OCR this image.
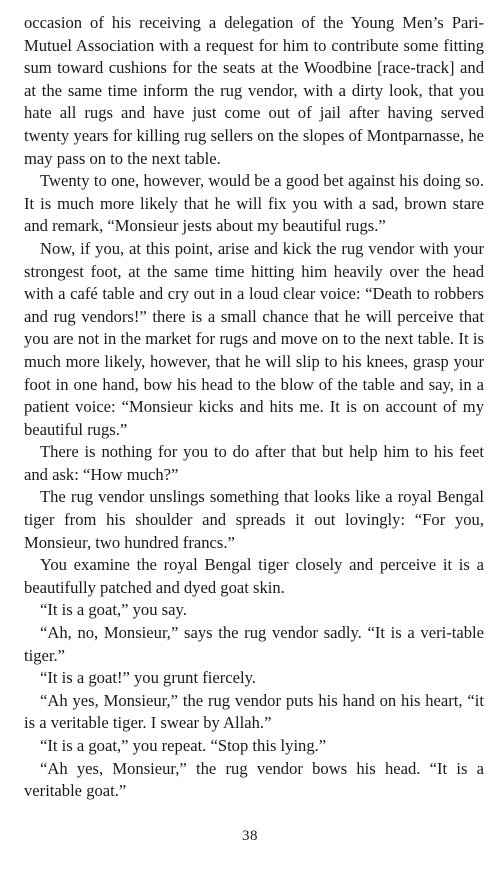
occasion of his receiving a delegation of the Young Men’s Pari-Mutuel Association with a request for him to contribute some fitting sum toward cushions for the seats at the Woodbine [race-track] and at the same time inform the rug vendor, with a dirty look, that you hate all rugs and have just come out of jail after having served twenty years for killing rug sellers on the slopes of Montparnasse, he may pass on to the next table.

Twenty to one, however, would be a good bet against his doing so. It is much more likely that he will fix you with a sad, brown stare and remark, “Monsieur jests about my beautiful rugs.”

Now, if you, at this point, arise and kick the rug vendor with your strongest foot, at the same time hitting him heavily over the head with a café table and cry out in a loud clear voice: “Death to robbers and rug vendors!” there is a small chance that he will perceive that you are not in the market for rugs and move on to the next table. It is much more likely, however, that he will slip to his knees, grasp your foot in one hand, bow his head to the blow of the table and say, in a patient voice: “Monsieur kicks and hits me. It is on account of my beautiful rugs.”

There is nothing for you to do after that but help him to his feet and ask: “How much?”

The rug vendor unslings something that looks like a royal Bengal tiger from his shoulder and spreads it out lovingly: “For you, Monsieur, two hundred francs.”

You examine the royal Bengal tiger closely and perceive it is a beautifully patched and dyed goat skin.

“It is a goat,” you say.

“Ah, no, Monsieur,” says the rug vendor sadly. “It is a veri-table tiger.”

“It is a goat!” you grunt fiercely.

“Ah yes, Monsieur,” the rug vendor puts his hand on his heart, “it is a veritable tiger. I swear by Allah.”

“It is a goat,” you repeat. “Stop this lying.”

“Ah yes, Monsieur,” the rug vendor bows his head. “It is a veritable goat.”

38
